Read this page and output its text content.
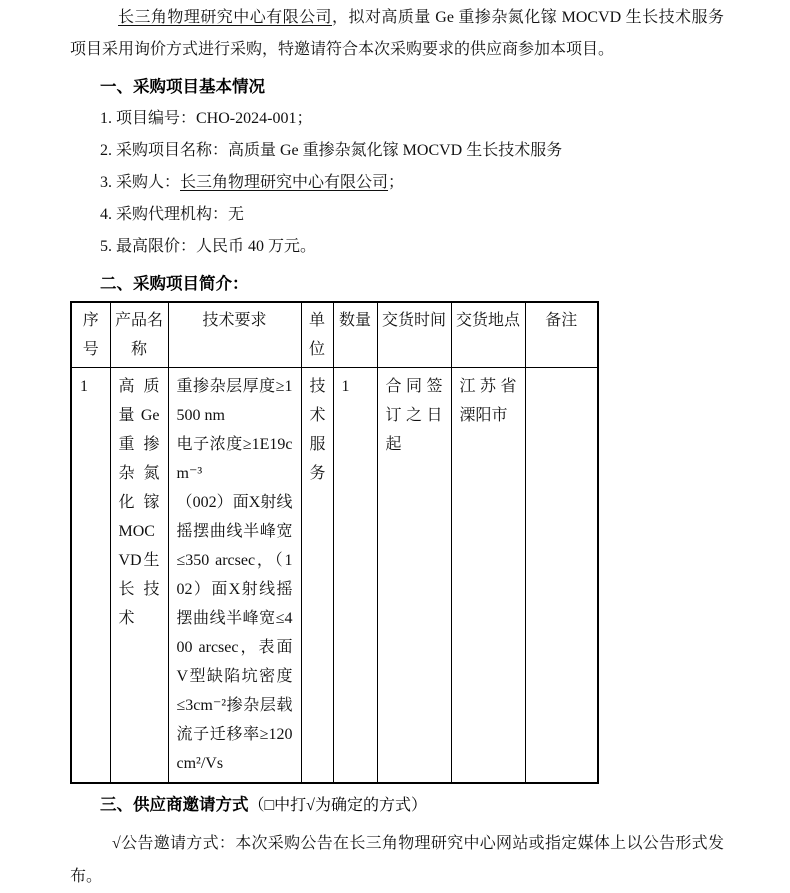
长三角物理研究中心有限公司，拟对高质量 Ge 重掺杂氮化镓 MOCVD 生长技术服务项目采用询价方式进行采购，特邀请符合本次采购要求的供应商参加本项目。

一、采购项目基本情况
1. 项目编号：CHO-2024-001；
2. 采购项目名称：高质量 Ge 重掺杂氮化镓 MOCVD 生长技术服务
3. 采购人：长三角物理研究中心有限公司；
4. 采购代理机构：无
5. 最高限价：人民币 40 万元。
二、采购项目简介：
序号	产品名称	技术要求	单位	数量	交货时间	交货地点	备注
1	高质量Ge重掺杂氮化镓MOCVD生长技术	重掺杂层厚度≥1500 nm

电子浓度≥1E19cm⁻³

（002）面X射线摇摆曲线半峰宽≤350 arcsec，（102）面X射线摇摆曲线半峰宽≤400 arcsec，表面V型缺陷坑密度≤3cm⁻²掺杂层载流子迁移率≥120cm²/Vs	技术服务	1	合同签订之日起	江苏省溧阳市	
三、供应商邀请方式（□中打√为确定的方式）

√公告邀请方式：本次采购公告在长三角物理研究中心网站或指定媒体上以公告形式发布。
